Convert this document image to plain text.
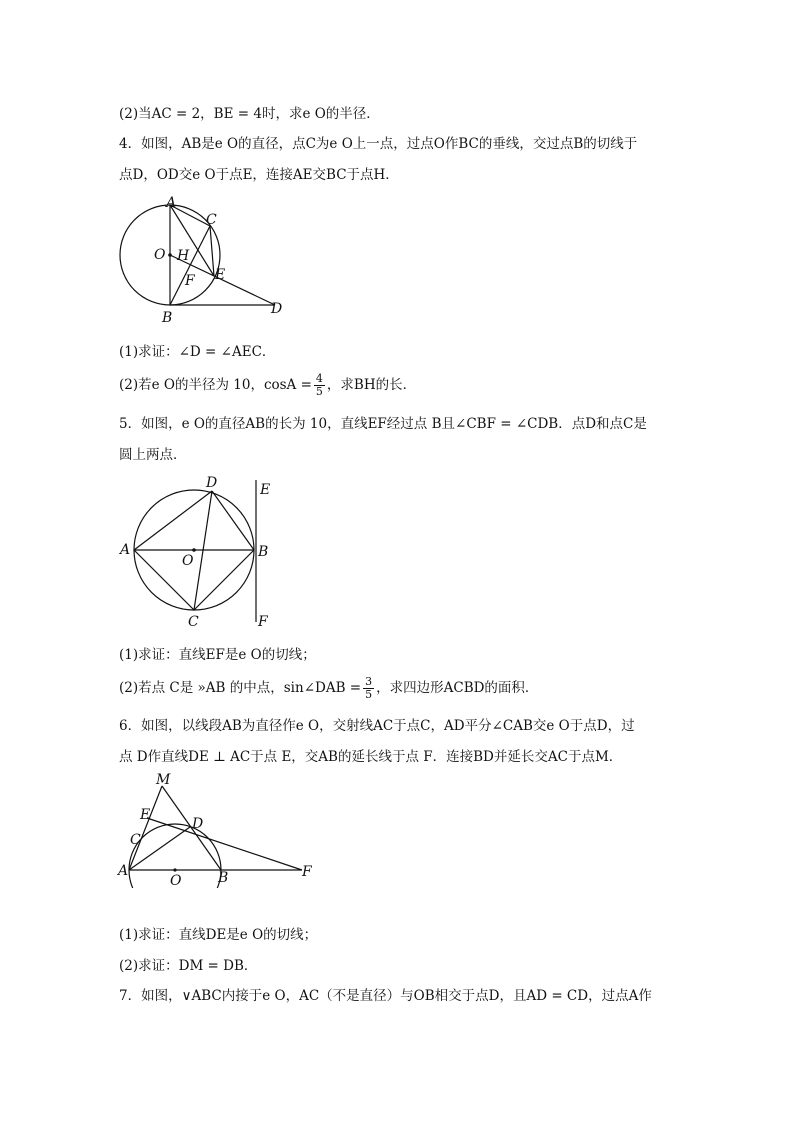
(2)当AC = 2，BE = 4时，求e O的半径．
4．如图，AB是e O的直径，点C为e O上一点，过点O作BC的垂线，交过点B的切线于
点D，OD交e O于点E，连接AE交BC于点H．
A
C
O H
E
F
B
D
(1)求证：∠D = ∠AEC．
(2)若e O的半径为 10，$\cos A = \frac{4}{5}$ ，求BH的长．
5．如图，e O的直径AB的长为 10，直线EF经过点 B且∠CBF = ∠CDB．点D和点C是
圆上两点．
D	E
A
O
B
C	F
(1)求证：直线EF是e O的切线；
(2)若点 C是 »AB 的中点，sin∠DAB = $\frac{3}{5}$ ，求四边形ACBD的面积．
6．如图，以线段AB为直径作e O，交射线AC于点C，AD平分∠CAB交e O于点D，过
点 D作直线DE ⊥ AC于点 E，交AB的延长线于点 F．连接BD并延长交AC于点M．
M
E
D
C
A
O	B	F
(1)求证：直线DE是e O的切线；
(2)求证：DM = DB．
7．如图，∨ABC内接于e O，AC（不是直径）与OB相交于点D，且AD = CD，过点A作
